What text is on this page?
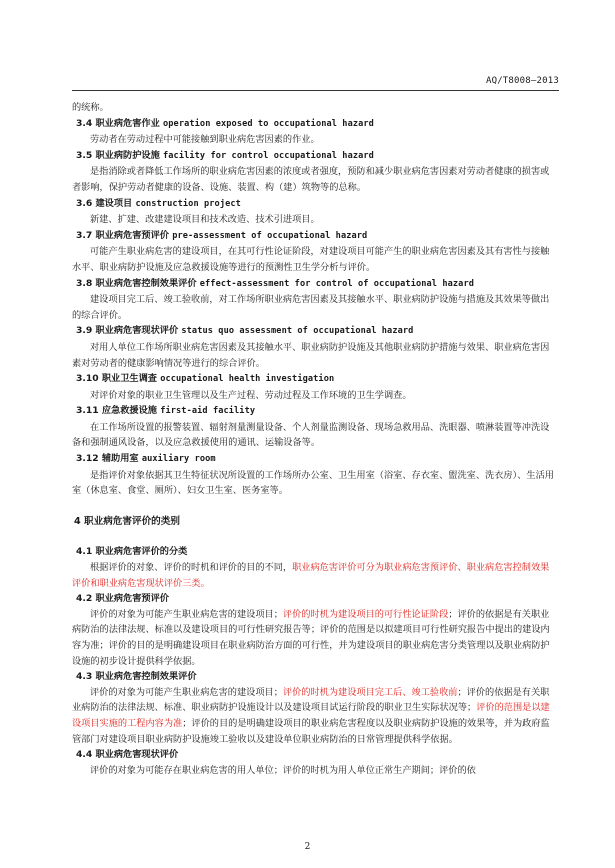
AQ/T8008—2013

的统称。

3.4 职业病危害作业 operation exposed to occupational hazard

劳动者在劳动过程中可能接触到职业病危害因素的作业。

3.5 职业病防护设施 facility for control occupational hazard

是指消除或者降低工作场所的职业病危害因素的浓度或者强度，预防和减少职业病危害因素对劳动者健康的损害或者影响，保护劳动者健康的设备、设施、装置、构（建）筑物等的总称。

3.6 建设项目 construction project

新建、扩建、改建建设项目和技术改造、技术引进项目。

3.7 职业病危害预评价 pre-assessment of occupational hazard

可能产生职业病危害的建设项目，在其可行性论证阶段，对建设项目可能产生的职业病危害因素及其有害性与接触水平、职业病防护设施及应急救援设施等进行的预测性卫生学分析与评价。

3.8 职业病危害控制效果评价 effect-assessment for control of occupational hazard

建设项目完工后、竣工验收前，对工作场所职业病危害因素及其接触水平、职业病防护设施与措施及其效果等做出的综合评价。

3.9 职业病危害现状评价 status quo assessment of occupational hazard

对用人单位工作场所职业病危害因素及其接触水平、职业病防护设施及其他职业病防护措施与效果、职业病危害因素对劳动者的健康影响情况等进行的综合评价。

3.10 职业卫生调查 occupational health investigation

对评价对象的职业卫生管理以及生产过程、劳动过程及工作环境的卫生学调查。

3.11 应急救援设施 first-aid facility

在工作场所设置的报警装置、辐射剂量测量设备、个人剂量监测设备、现场急救用品、洗眼器、喷淋装置等冲洗设备和强制通风设备，以及应急救援使用的通讯、运输设备等。

3.12 辅助用室 auxiliary room

是指评价对象依据其卫生特征状况所设置的工作场所办公室、卫生用室（浴室、存衣室、盥洗室、洗衣房）、生活用室（休息室、食堂、厕所）、妇女卫生室、医务室等。

4 职业病危害评价的类别

4.1 职业病危害评价的分类

根据评价的对象、评价的时机和评价的目的不同，职业病危害评价可分为职业病危害预评价、职业病危害控制效果评价和职业病危害现状评价三类。

4.2 职业病危害预评价

评价的对象为可能产生职业病危害的建设项目；评价的时机为建设项目的可行性论证阶段；评价的依据是有关职业病防治的法律法规、标准以及建设项目的可行性研究报告等；评价的范围是以拟建项目可行性研究报告中提出的建设内容为准；评价的目的是明确建设项目在职业病防治方面的可行性，并为建设项目的职业病危害分类管理以及职业病防护设施的初步设计提供科学依据。

4.3 职业病危害控制效果评价

评价的对象为可能产生职业病危害的建设项目；评价的时机为建设项目完工后、竣工验收前；评价的依据是有关职业病防治的法律法规、标准、职业病防护设施设计以及建设项目试运行阶段的职业卫生实际状况等；评价的范围是以建设项目实施的工程内容为准；评价的目的是明确建设项目的职业病危害程度以及职业病防护设施的效果等，并为政府监管部门对建设项目职业病防护设施竣工验收以及建设单位职业病防治的日常管理提供科学依据。

4.4 职业病危害现状评价

评价的对象为可能存在职业病危害的用人单位；评价的时机为用人单位正常生产期间；评价的依

2
